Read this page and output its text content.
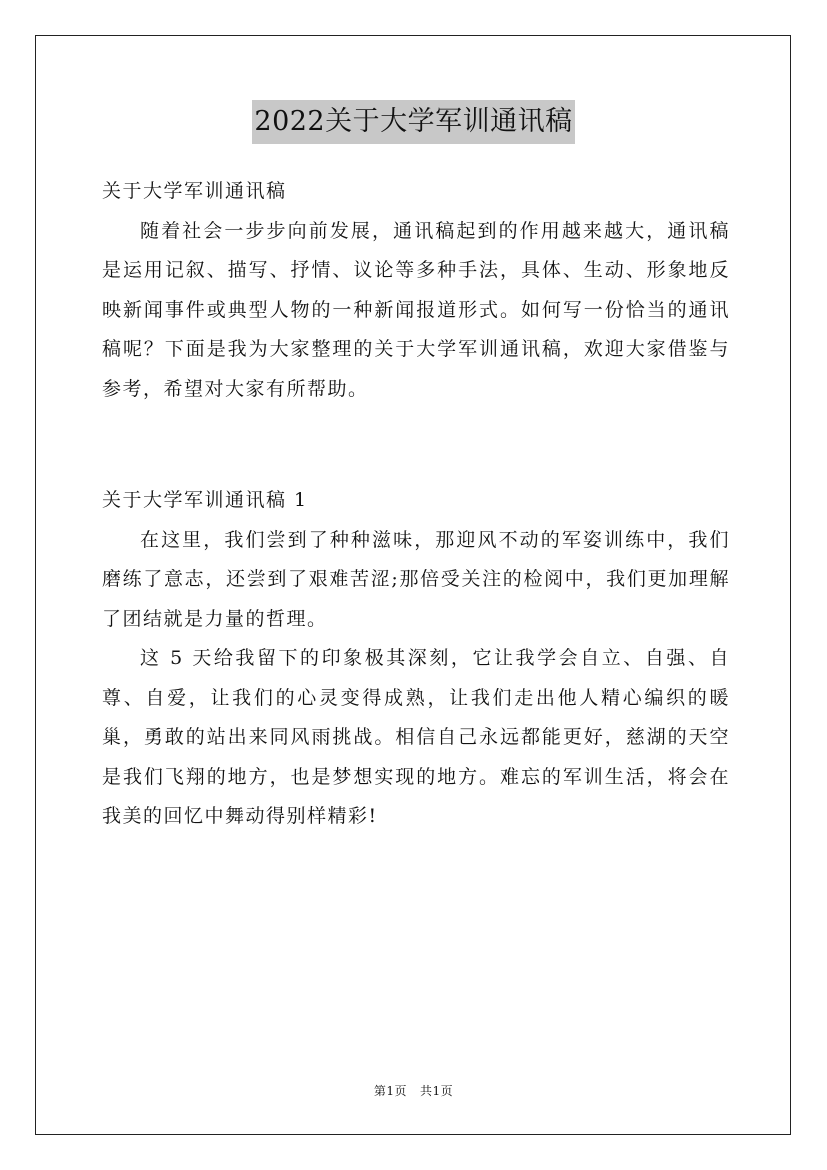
2022关于大学军训通讯稿

关于大学军训通讯稿

随着社会一步步向前发展，通讯稿起到的作用越来越大，通讯稿是运用记叙、描写、抒情、议论等多种手法，具体、生动、形象地反映新闻事件或典型人物的一种新闻报道形式。如何写一份恰当的通讯稿呢？下面是我为大家整理的关于大学军训通讯稿，欢迎大家借鉴与参考，希望对大家有所帮助。

关于大学军训通讯稿 1

在这里，我们尝到了种种滋味，那迎风不动的军姿训练中，我们磨练了意志，还尝到了艰难苦涩;那倍受关注的检阅中，我们更加理解了团结就是力量的哲理。

这 5 天给我留下的印象极其深刻，它让我学会自立、自强、自尊、自爱，让我们的心灵变得成熟，让我们走出他人精心编织的暖巢，勇敢的站出来同风雨挑战。相信自己永远都能更好，慈湖的天空是我们飞翔的地方，也是梦想实现的地方。难忘的军训生活，将会在我美的回忆中舞动得别样精彩!

第1页   共1页
